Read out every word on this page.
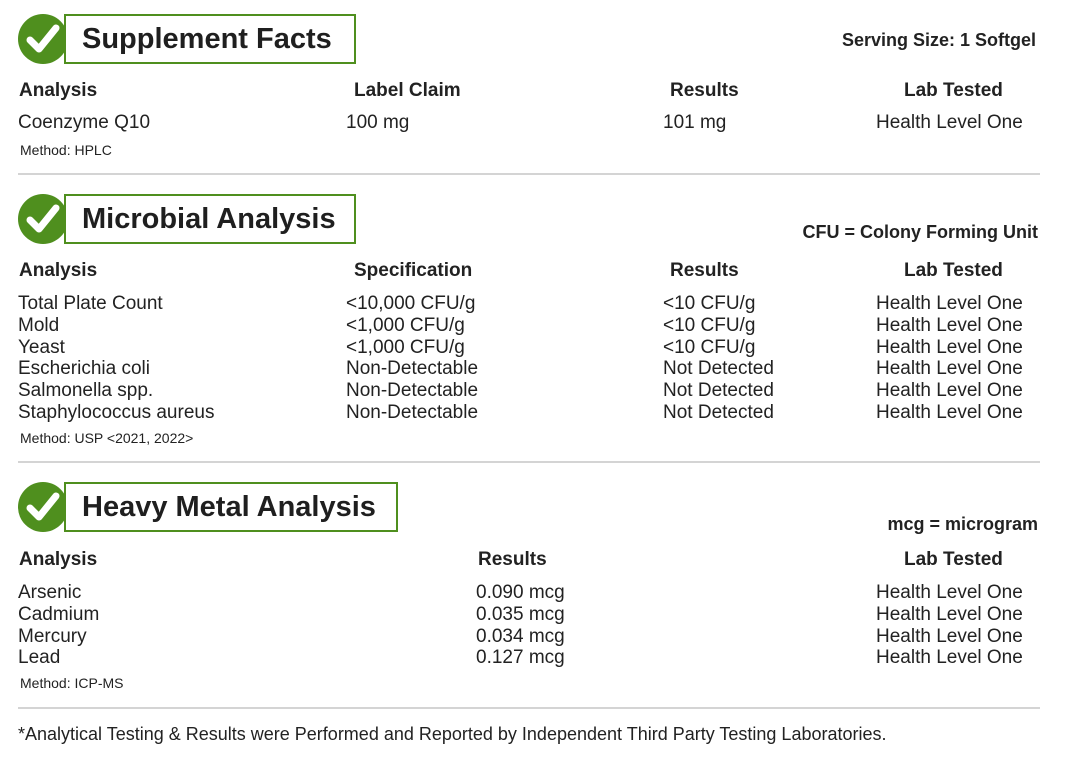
Supplement Facts	Serving Size: 1 Softgel
Analysis	Label Claim	Results	Lab Tested
Coenzyme Q10	100 mg	101 mg	Health Level One
Method: HPLC
Microbial Analysis	CFU = Colony Forming Unit
Analysis	Specification	Results	Lab Tested
Total Plate Count	<10,000 CFU/g	<10 CFU/g	Health Level One
Mold	<1,000 CFU/g	<10 CFU/g	Health Level One
Yeast	<1,000 CFU/g	<10 CFU/g	Health Level One
Escherichia coli	Non-Detectable	Not Detected	Health Level One
Salmonella spp.	Non-Detectable	Not Detected	Health Level One
Staphylococcus aureus	Non-Detectable	Not Detected	Health Level One
Method: USP <2021, 2022>
Heavy Metal Analysis
mcg = microgram
Analysis	Results	Lab Tested
Arsenic	0.090 mcg	Health Level One
Cadmium	0.035 mcg	Health Level One
Mercury	0.034 mcg	Health Level One
Lead	0.127 mcg	Health Level One
Method: ICP-MS
*Analytical Testing & Results were Performed and Reported by Independent Third Party Testing Laboratories.
